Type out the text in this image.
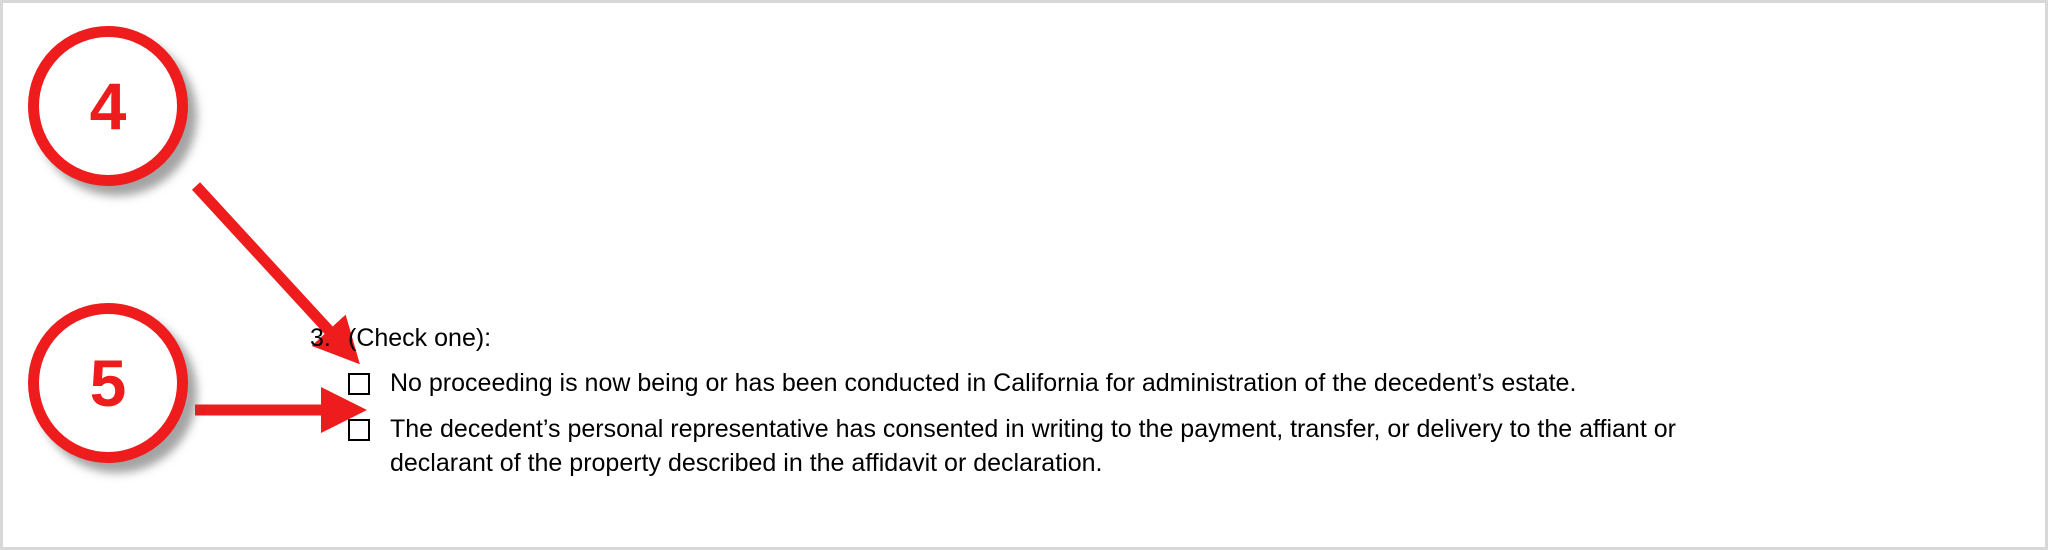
4
5
3. (Check one):
No proceeding is now being or has been conducted in California for administration of the decedent’s estate.
The decedent’s personal representative has consented in writing to the payment, transfer, or delivery to the affiant or declarant of the property described in the affidavit or declaration.
